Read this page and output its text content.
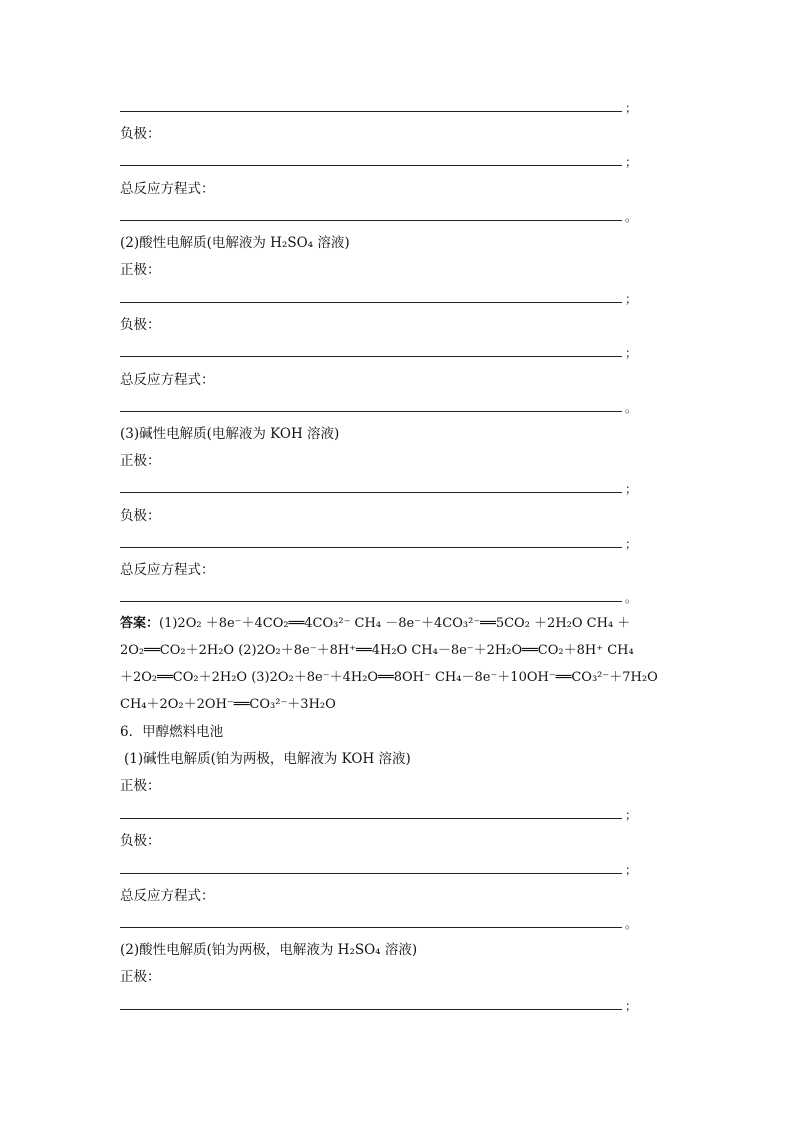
；
负极：
；
总反应方程式：
。
(2)酸性电解质(电解液为 H₂SO₄ 溶液)
正极：
；
负极：
；
总反应方程式：
。
(3)碱性电解质(电解液为 KOH 溶液)
正极：
；
负极：
；
总反应方程式：
。
答案：(1)2O₂ ＋8e⁻＋4CO₂══4CO₃²⁻ CH₄ －8e⁻＋4CO₃²⁻══5CO₂ ＋2H₂O CH₄ ＋
2O₂══CO₂＋2H₂O (2)2O₂＋8e⁻＋8H⁺══4H₂O CH₄－8e⁻＋2H₂O══CO₂＋8H⁺ CH₄
＋2O₂══CO₂＋2H₂O (3)2O₂＋8e⁻＋4H₂O══8OH⁻ CH₄－8e⁻＋10OH⁻══CO₃²⁻＋7H₂O
CH₄＋2O₂＋2OH⁻══CO₃²⁻＋3H₂O
6．甲醇燃料电池
(1)碱性电解质(铂为两极，电解液为 KOH 溶液)
正极：
；
负极：
；
总反应方程式：
。
(2)酸性电解质(铂为两极，电解液为 H₂SO₄ 溶液)
正极：
；
